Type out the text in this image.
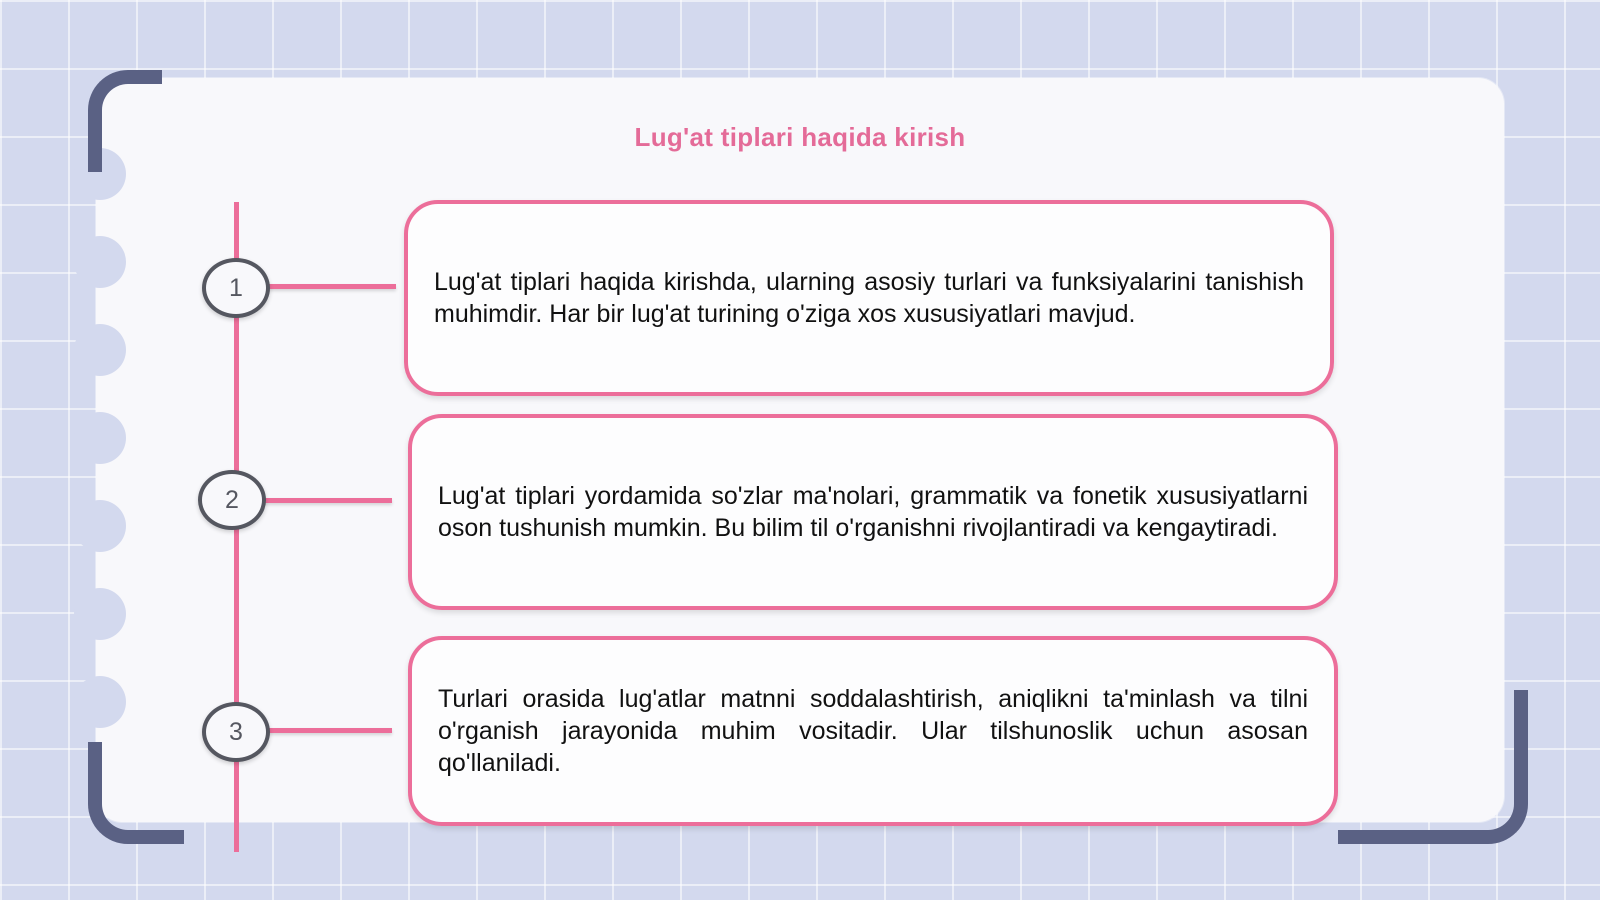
Lug'at tiplari haqida kirish
1
2
3
Lug'at tiplari haqida kirishda, ularning asosiy turlari va funksiyalarini tanishish muhimdir. Har bir lug'at turining o'ziga xos xususiyatlari mavjud.
Lug'at tiplari yordamida so'zlar ma'nolari, grammatik va fonetik xususiyatlarni oson tushunish mumkin. Bu bilim til o'rganishni rivojlantiradi va kengaytiradi.
Turlari orasida lug'atlar matnni soddalashtirish, aniqlikni ta'minlash va tilni o'rganish jarayonida muhim vositadir. Ular tilshunoslik uchun asosan qo'llaniladi.
